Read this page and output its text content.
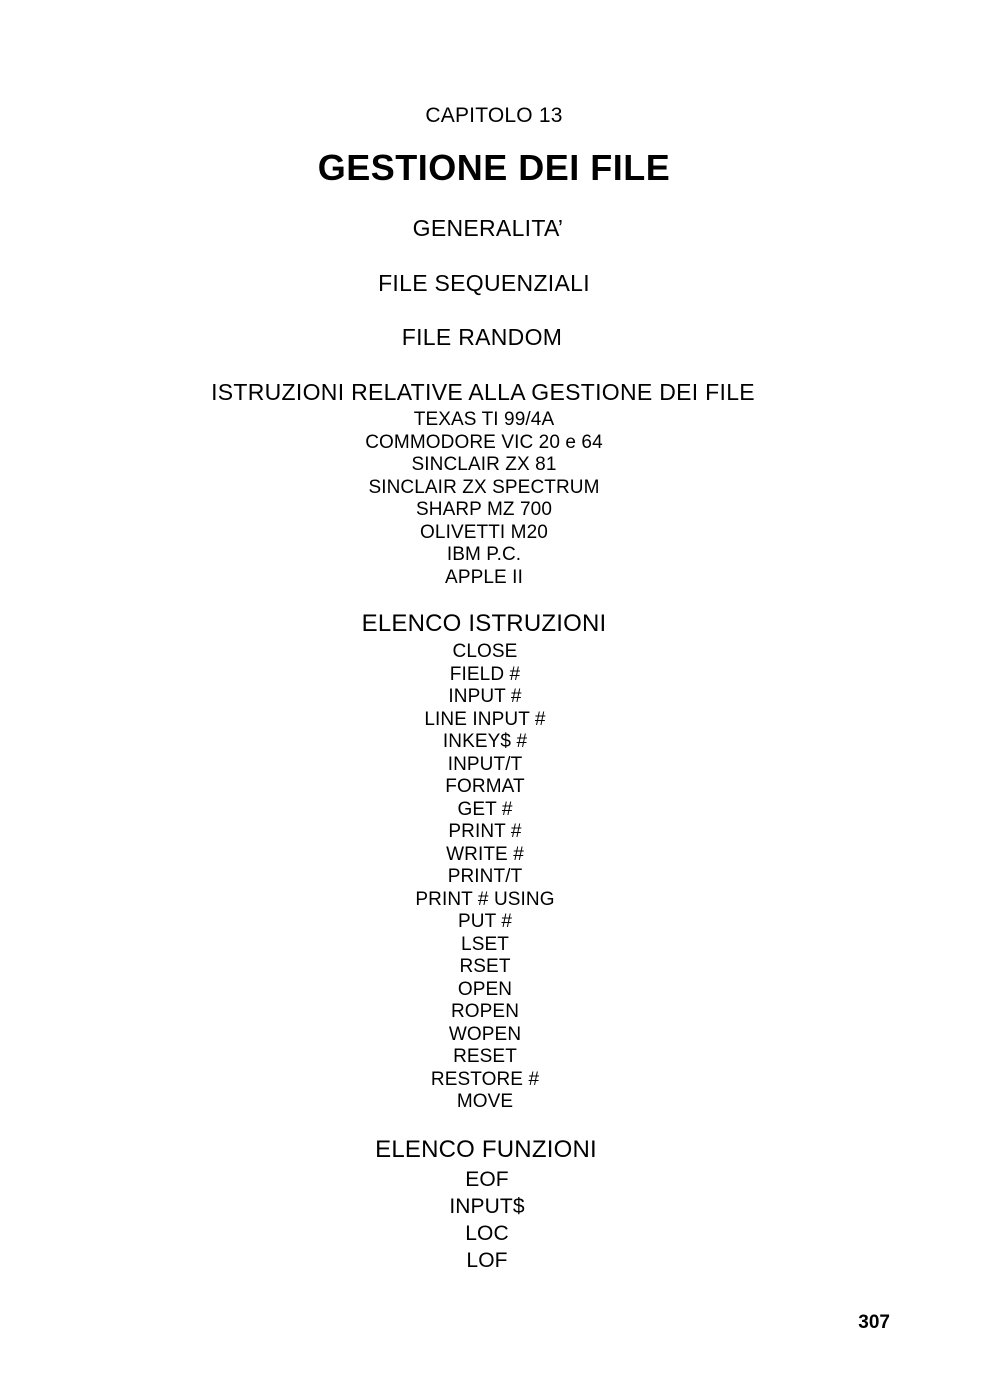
CAPITOLO 13
GESTIONE DEI FILE
GENERALITA’
FILE SEQUENZIALI
FILE RANDOM
ISTRUZIONI RELATIVE ALLA GESTIONE DEI FILE
TEXAS TI 99/4A
COMMODORE VIC 20 e 64
SINCLAIR ZX 81
SINCLAIR ZX SPECTRUM
SHARP MZ 700
OLIVETTI M20
IBM P.C.
APPLE II
ELENCO ISTRUZIONI
CLOSE
FIELD #
INPUT #
LINE INPUT #
INKEY$ #
INPUT/T
FORMAT
GET #
PRINT #
WRITE #
PRINT/T
PRINT # USING
PUT #
LSET
RSET
OPEN
ROPEN
WOPEN
RESET
RESTORE #
MOVE
ELENCO FUNZIONI
EOF
INPUT$
LOC
LOF
307
